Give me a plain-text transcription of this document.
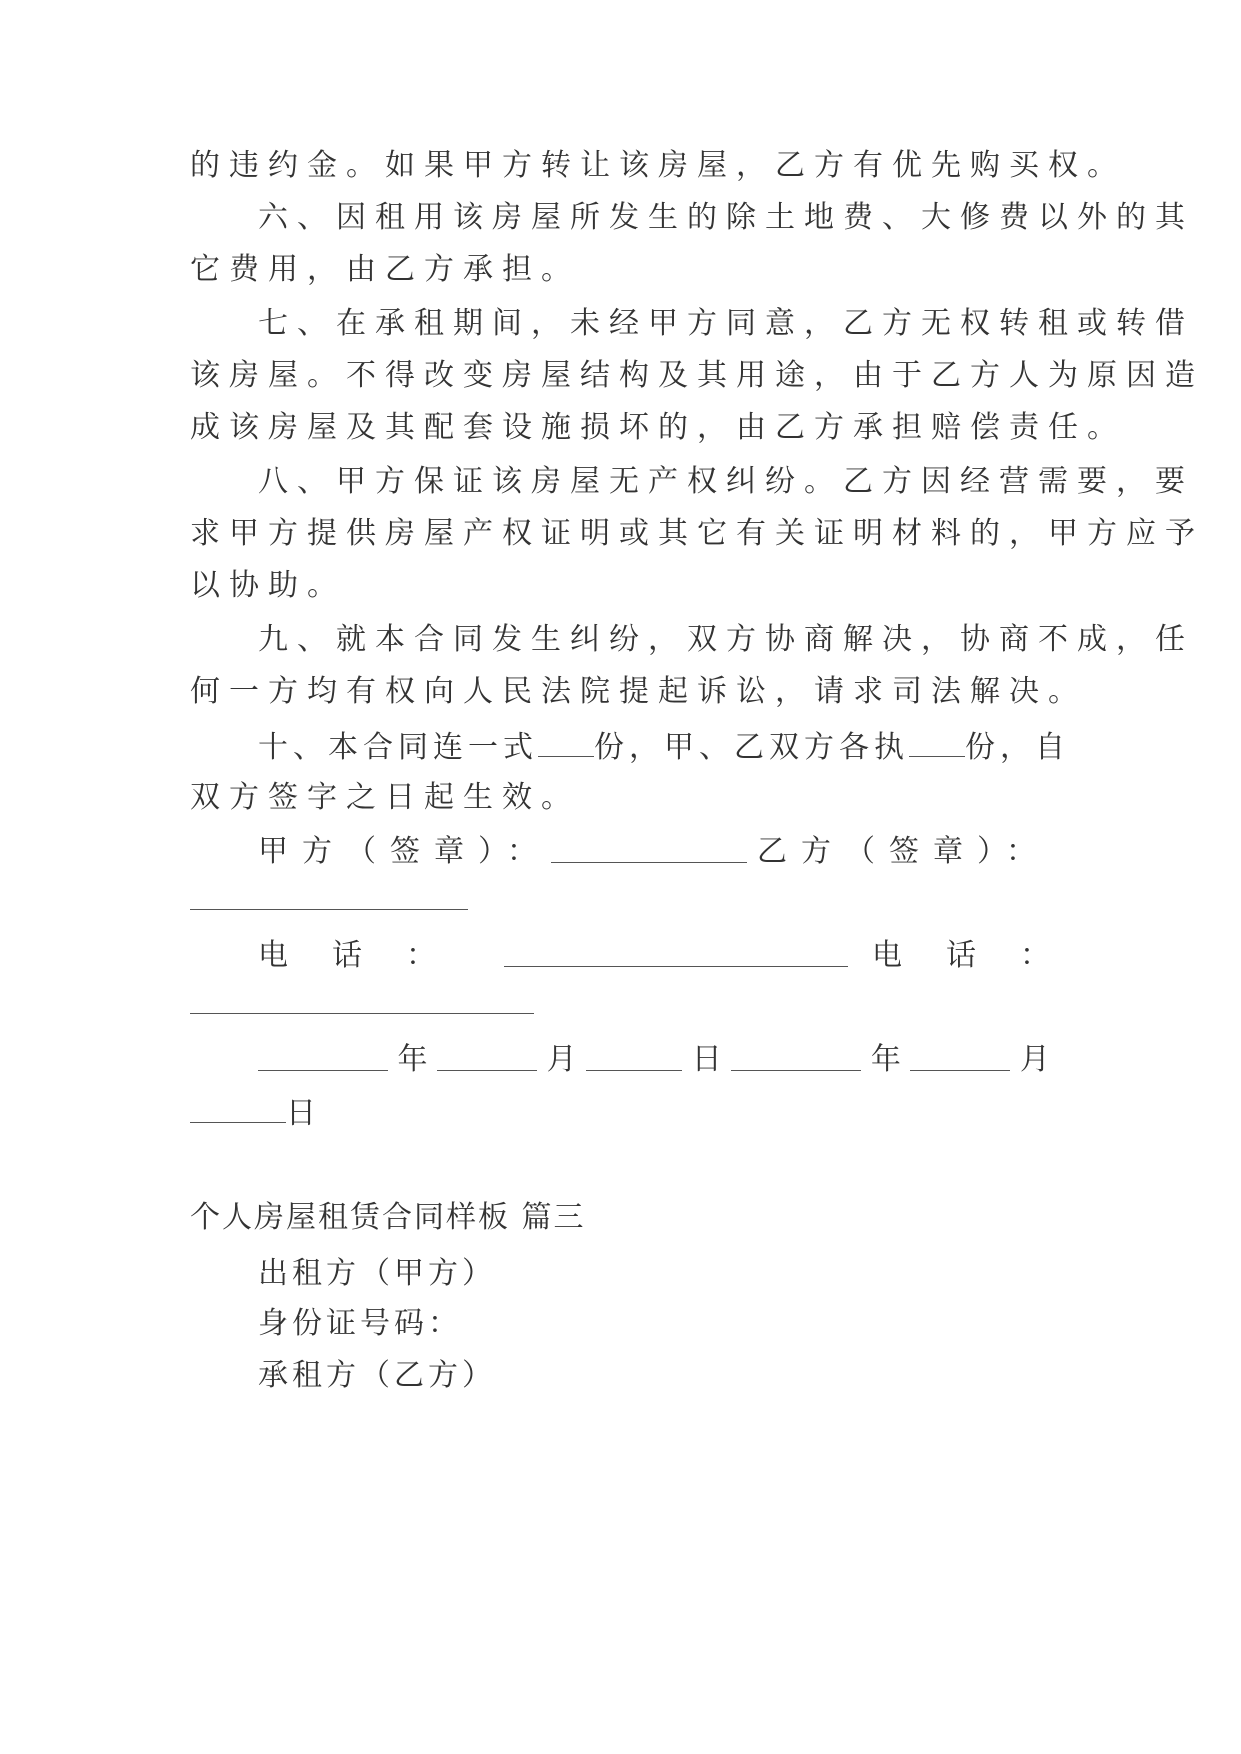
的违约金。如果甲方转让该房屋，乙方有优先购买权。
六、因租用该房屋所发生的除土地费、大修费以外的其
它费用，由乙方承担。
七、在承租期间，未经甲方同意，乙方无权转租或转借
该房屋。不得改变房屋结构及其用途，由于乙方人为原因造
成该房屋及其配套设施损坏的，由乙方承担赔偿责任。
八、甲方保证该房屋无产权纠纷。乙方因经营需要，要
求甲方提供房屋产权证明或其它有关证明材料的，甲方应予
以协助。
九、就本合同发生纠纷，双方协商解决，协商不成，任
何一方均有权向人民法院提起诉讼，请求司法解决。
十、本合同连一式 份，甲、乙双方各执 份，自
双方签字之日起生效。
甲方（签章）：	乙方（签章）：
电话：	电话：
年	月	日	年	月
日
个人房屋租赁合同样板 篇三
出租方（甲方）
身份证号码：
承租方（乙方）
